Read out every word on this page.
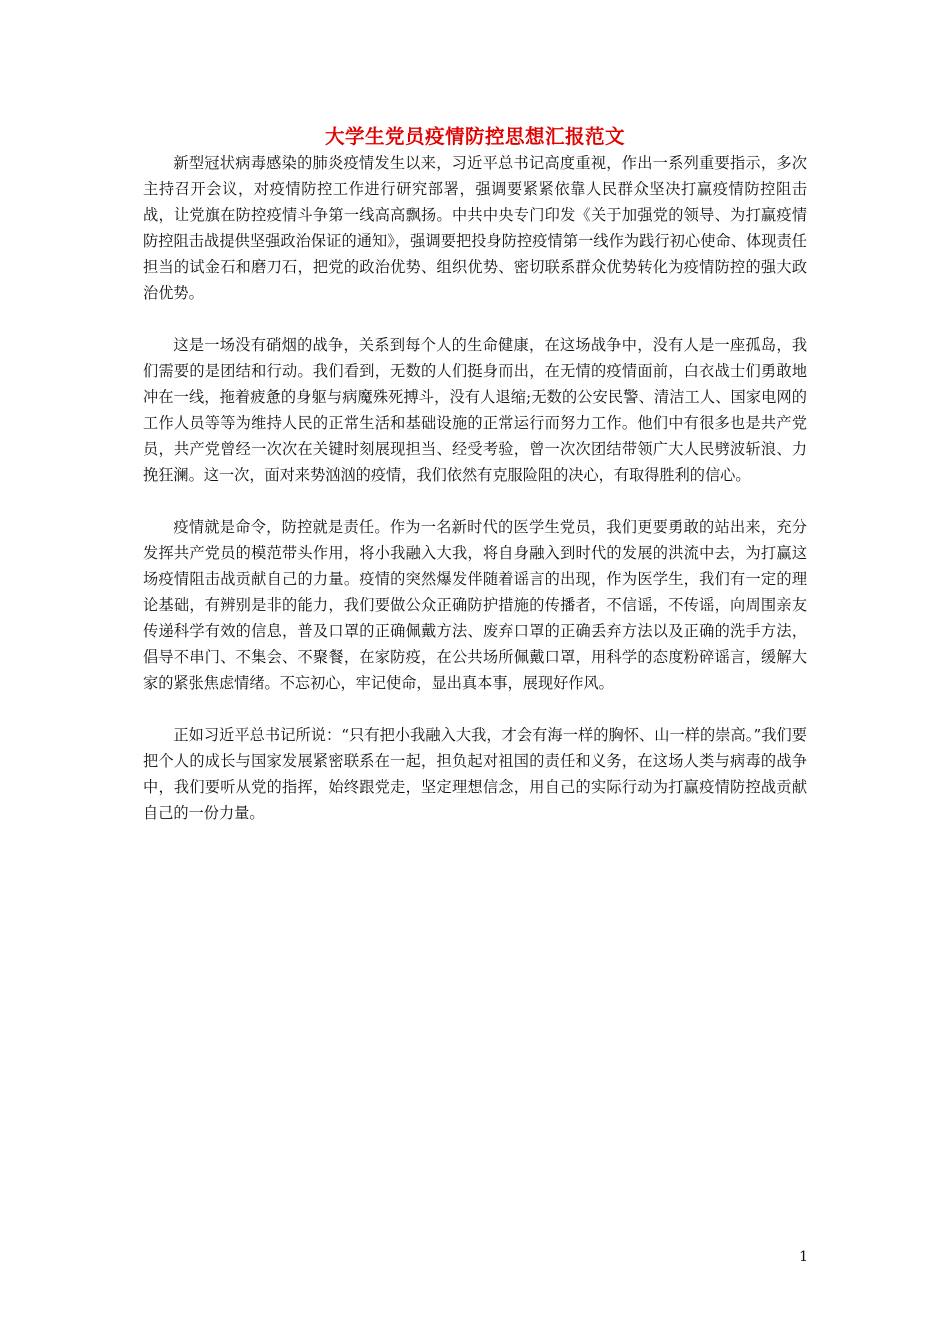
大学生党员疫情防控思想汇报范文

新型冠状病毒感染的肺炎疫情发生以来，习近平总书记高度重视，作出一系列重要指示，多次主持召开会议，对疫情防控工作进行研究部署，强调要紧紧依靠人民群众坚决打赢疫情防控阻击战，让党旗在防控疫情斗争第一线高高飘扬。中共中央专门印发《关于加强党的领导、为打赢疫情防控阻击战提供坚强政治保证的通知》，强调要把投身防控疫情第一线作为践行初心使命、体现责任担当的试金石和磨刀石，把党的政治优势、组织优势、密切联系群众优势转化为疫情防控的强大政治优势。

这是一场没有硝烟的战争，关系到每个人的生命健康，在这场战争中，没有人是一座孤岛，我们需要的是团结和行动。我们看到，无数的人们挺身而出，在无情的疫情面前，白衣战士们勇敢地冲在一线，拖着疲惫的身躯与病魔殊死搏斗，没有人退缩;无数的公安民警、清洁工人、国家电网的工作人员等等为维持人民的正常生活和基础设施的正常运行而努力工作。他们中有很多也是共产党员，共产党曾经一次次在关键时刻展现担当、经受考验，曾一次次团结带领广大人民劈波斩浪、力挽狂澜。这一次，面对来势汹汹的疫情，我们依然有克服险阻的决心，有取得胜利的信心。

疫情就是命令，防控就是责任。作为一名新时代的医学生党员，我们更要勇敢的站出来，充分发挥共产党员的模范带头作用，将小我融入大我，将自身融入到时代的发展的洪流中去，为打赢这场疫情阻击战贡献自己的力量。疫情的突然爆发伴随着谣言的出现，作为医学生，我们有一定的理论基础，有辨别是非的能力，我们要做公众正确防护措施的传播者，不信谣，不传谣，向周围亲友传递科学有效的信息，普及口罩的正确佩戴方法、废弃口罩的正确丢弃方法以及正确的洗手方法，倡导不串门、不集会、不聚餐，在家防疫，在公共场所佩戴口罩，用科学的态度粉碎谣言，缓解大家的紧张焦虑情绪。不忘初心，牢记使命，显出真本事，展现好作风。

正如习近平总书记所说：“只有把小我融入大我，才会有海一样的胸怀、山一样的崇高。”我们要把个人的成长与国家发展紧密联系在一起，担负起对祖国的责任和义务，在这场人类与病毒的战争中，我们要听从党的指挥，始终跟党走，坚定理想信念，用自己的实际行动为打赢疫情防控战贡献自己的一份力量。

1
